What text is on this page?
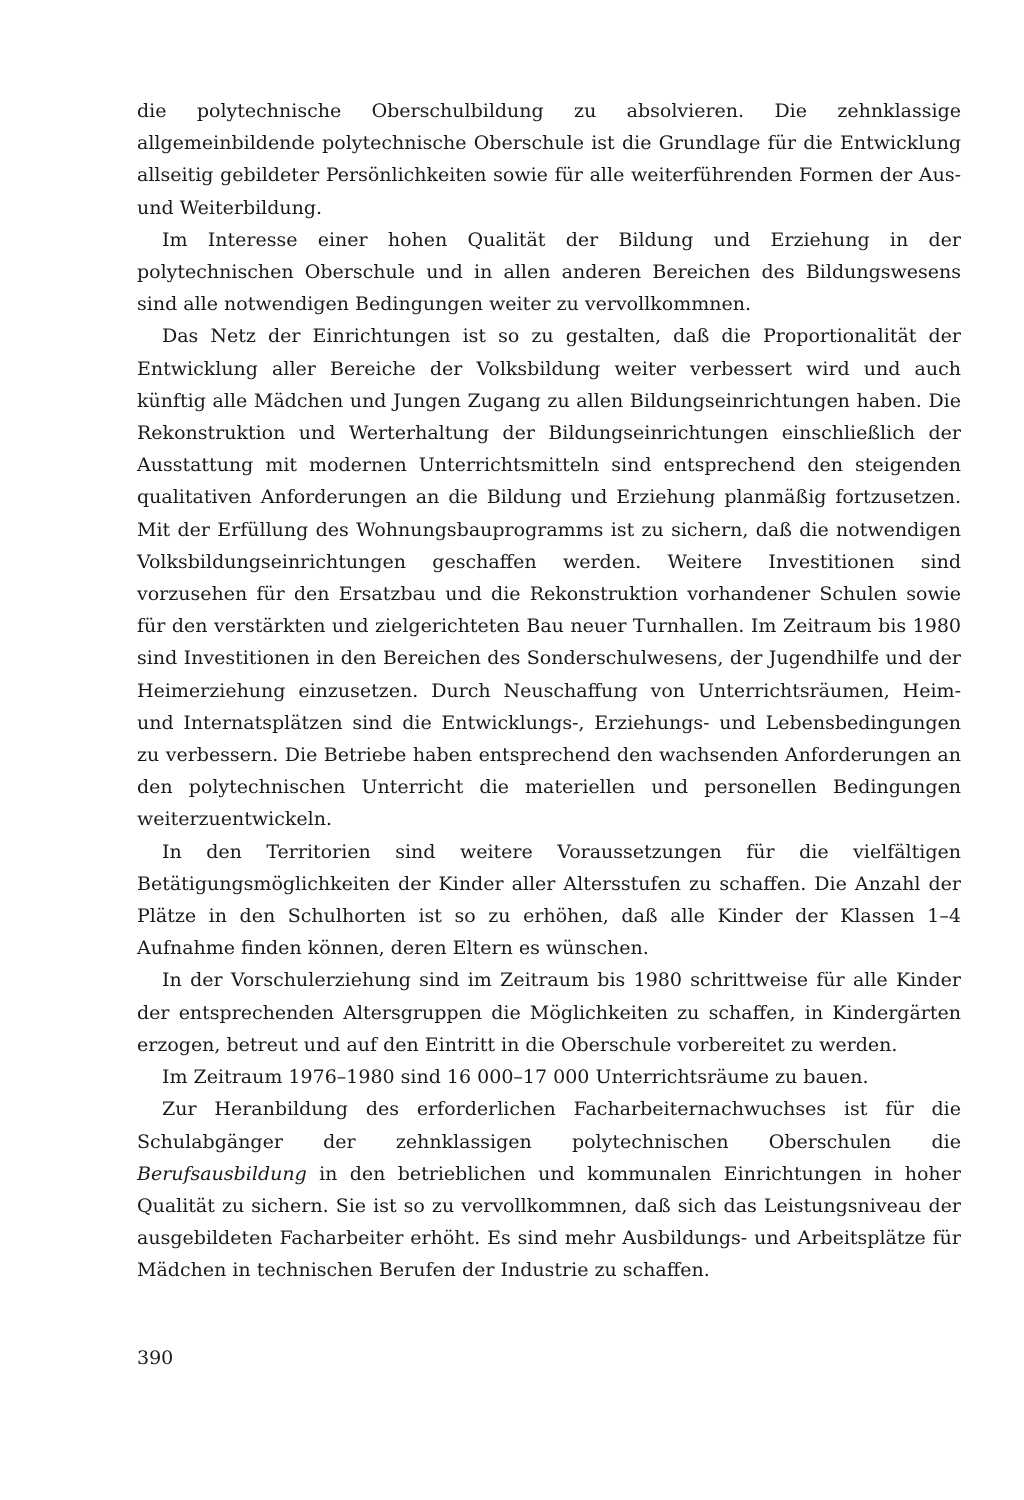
die polytechnische Oberschulbildung zu absolvieren. Die zehnklassige allgemeinbildende polytechnische Oberschule ist die Grundlage für die Entwicklung allseitig gebildeter Persönlichkeiten sowie für alle weiterführenden Formen der Aus- und Weiterbildung.

Im Interesse einer hohen Qualität der Bildung und Erziehung in der polytechnischen Oberschule und in allen anderen Bereichen des Bildungswesens sind alle notwendigen Bedingungen weiter zu vervollkommnen.

Das Netz der Einrichtungen ist so zu gestalten, daß die Proportionalität der Entwicklung aller Bereiche der Volksbildung weiter verbessert wird und auch künftig alle Mädchen und Jungen Zugang zu allen Bildungseinrichtungen haben. Die Rekonstruktion und Werterhaltung der Bildungseinrichtungen einschließlich der Ausstattung mit modernen Unterrichtsmitteln sind entsprechend den steigenden qualitativen Anforderungen an die Bildung und Erziehung planmäßig fortzusetzen. Mit der Erfüllung des Wohnungsbauprogramms ist zu sichern, daß die notwendigen Volksbildungseinrichtungen geschaffen werden. Weitere Investitionen sind vorzusehen für den Ersatzbau und die Rekonstruktion vorhandener Schulen sowie für den verstärkten und zielgerichteten Bau neuer Turnhallen. Im Zeitraum bis 1980 sind Investitionen in den Bereichen des Sonderschulwesens, der Jugendhilfe und der Heimerziehung einzusetzen. Durch Neuschaffung von Unterrichtsräumen, Heim- und Internatsplätzen sind die Entwicklungs-, Erziehungs- und Lebensbedingungen zu verbessern. Die Betriebe haben entsprechend den wachsenden Anforderungen an den polytechnischen Unterricht die materiellen und personellen Bedingungen weiterzuentwickeln.

In den Territorien sind weitere Voraussetzungen für die vielfältigen Betätigungsmöglichkeiten der Kinder aller Altersstufen zu schaffen. Die Anzahl der Plätze in den Schulhorten ist so zu erhöhen, daß alle Kinder der Klassen 1–4 Aufnahme finden können, deren Eltern es wünschen.

In der Vorschulerziehung sind im Zeitraum bis 1980 schrittweise für alle Kinder der entsprechenden Altersgruppen die Möglichkeiten zu schaffen, in Kindergärten erzogen, betreut und auf den Eintritt in die Oberschule vorbereitet zu werden.

Im Zeitraum 1976–1980 sind 16 000–17 000 Unterrichtsräume zu bauen.

Zur Heranbildung des erforderlichen Facharbeiternachwuchses ist für die Schulabgänger der zehnklassigen polytechnischen Oberschulen die Berufsausbildung in den betrieblichen und kommunalen Einrichtungen in hoher Qualität zu sichern. Sie ist so zu vervollkommnen, daß sich das Leistungsniveau der ausgebildeten Facharbeiter erhöht. Es sind mehr Ausbildungs- und Arbeitsplätze für Mädchen in technischen Berufen der Industrie zu schaffen.

390
